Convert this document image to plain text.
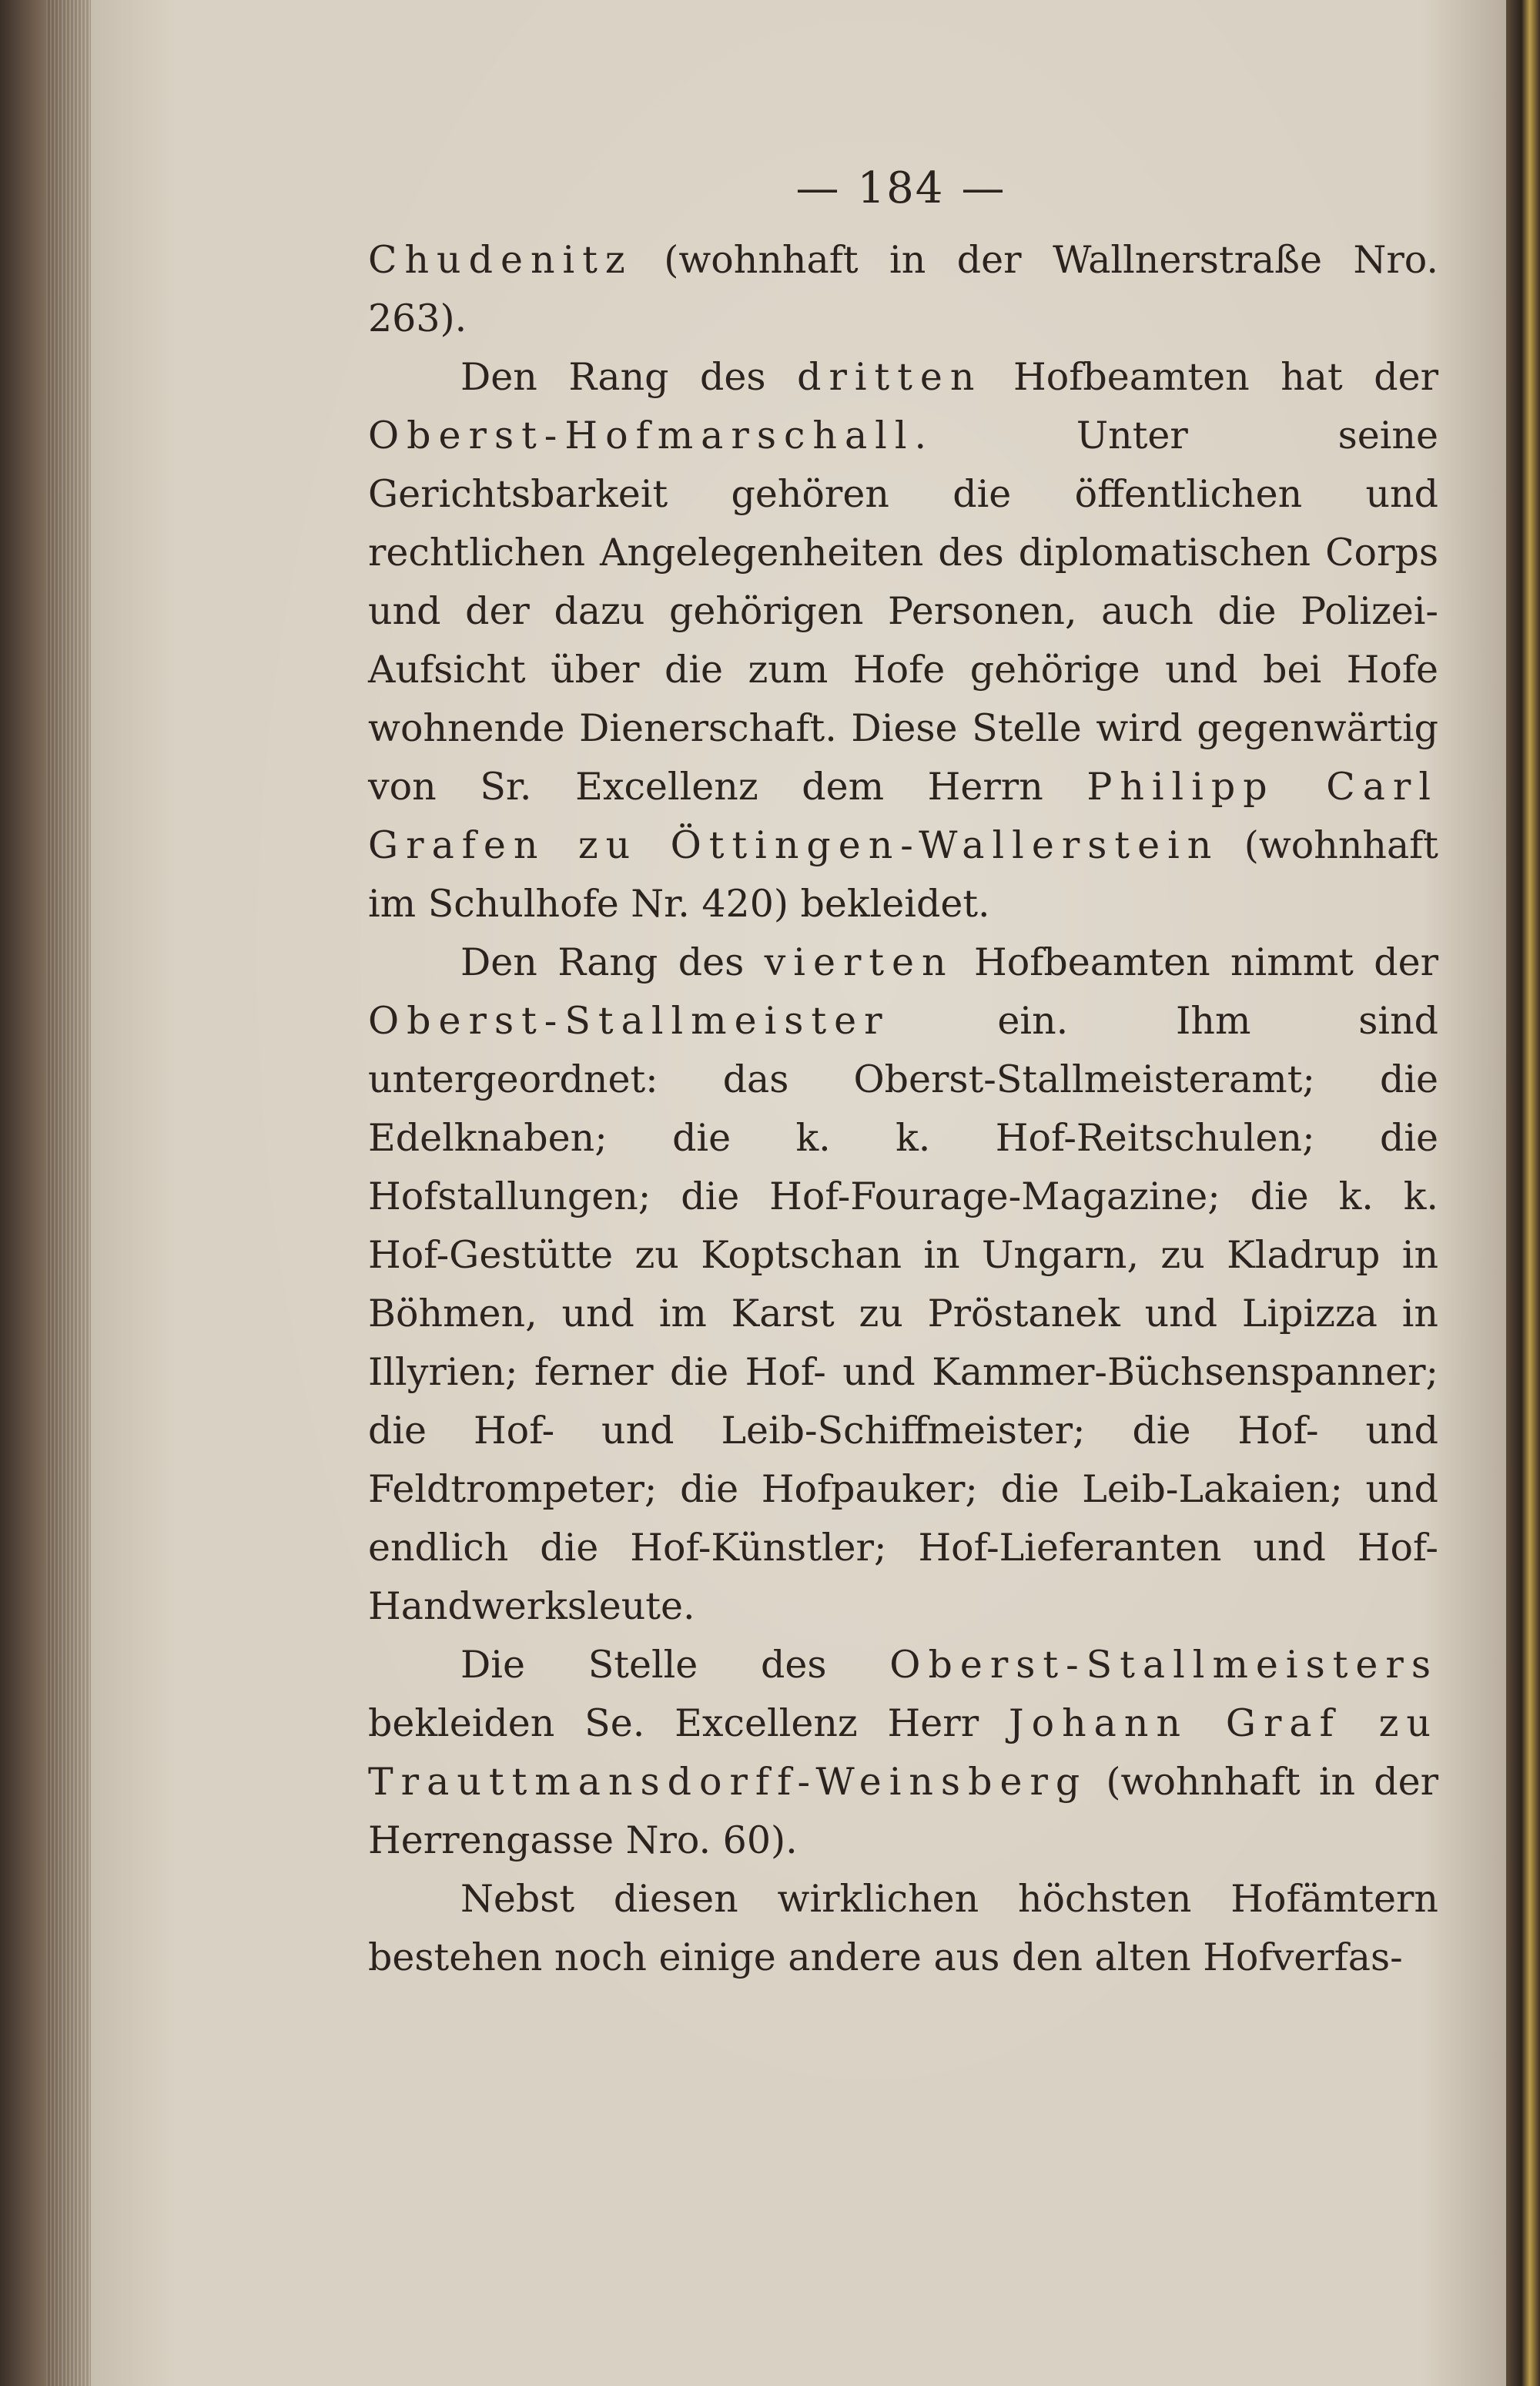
— 184 —

Chudenitz (wohnhaft in der Wallnerstraße Nro. 263).

Den Rang des dritten Hofbeamten hat der Oberst-Hofmarschall. Unter seine Gerichtsbarkeit gehören die öffentlichen und rechtlichen Angelegenheiten des diplomatischen Corps und der dazu gehörigen Personen, auch die Polizei-Aufsicht über die zum Hofe gehörige und bei Hofe wohnende Dienerschaft. Diese Stelle wird gegenwärtig von Sr. Excellenz dem Herrn Philipp Carl Grafen zu Öttingen-Wallerstein (wohnhaft im Schulhofe Nr. 420) bekleidet.

Den Rang des vierten Hofbeamten nimmt der Oberst-Stallmeister ein. Ihm sind untergeordnet: das Oberst-Stallmeisteramt; die Edelknaben; die k. k. Hof-Reitschulen; die Hofstallungen; die Hof-Fourage-Magazine; die k. k. Hof-Gestütte zu Koptschan in Ungarn, zu Kladrup in Böhmen, und im Karst zu Pröstanek und Lipizza in Illyrien; ferner die Hof- und Kammer-Büchsenspanner; die Hof- und Leib-Schiffmeister; die Hof- und Feldtrompeter; die Hofpauker; die Leib-Lakaien; und endlich die Hof-Künstler; Hof-Lieferanten und Hof-Handwerksleute.

Die Stelle des Oberst-Stallmeisters bekleiden Se. Excellenz Herr Johann Graf zu Trauttmansdorff-Weinsberg (wohnhaft in der Herrengasse Nro. 60).

Nebst diesen wirklichen höchsten Hofämtern bestehen noch einige andere aus den alten Hofverfas-
